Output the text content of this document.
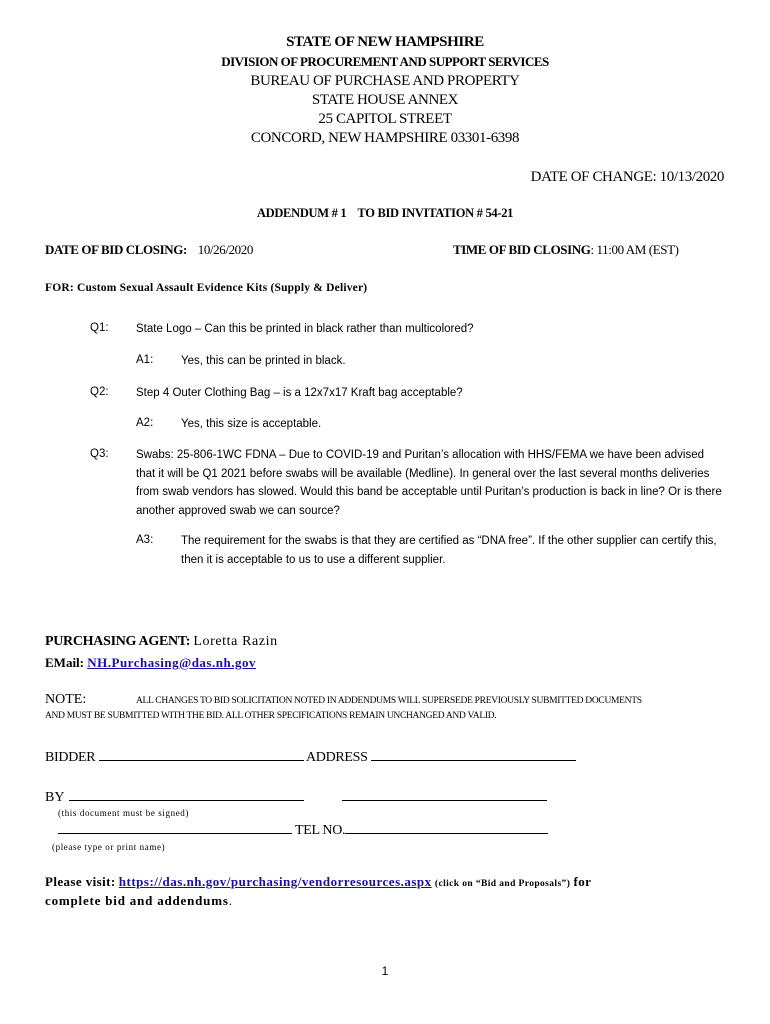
STATE OF NEW HAMPSHIRE
DIVISION OF PROCUREMENT AND SUPPORT SERVICES
BUREAU OF PURCHASE AND PROPERTY
STATE HOUSE ANNEX
25 CAPITOL STREET
CONCORD, NEW HAMPSHIRE 03301-6398
DATE OF CHANGE: 10/13/2020
ADDENDUM # 1    TO BID INVITATION # 54-21
DATE OF BID CLOSING: 10/26/2020	TIME OF BID CLOSING: 11:00 AM (EST)
FOR: Custom Sexual Assault Evidence Kits (Supply & Deliver)
Q1: State Logo – Can this be printed in black rather than multicolored?
A1: Yes, this can be printed in black.
Q2: Step 4 Outer Clothing Bag – is a 12x7x17 Kraft bag acceptable?
A2: Yes, this size is acceptable.
Q3: Swabs: 25-806-1WC FDNA – Due to COVID-19 and Puritan’s allocation with HHS/FEMA we have been advised that it will be Q1 2021 before swabs will be available (Medline). In general over the last several months deliveries from swab vendors has slowed. Would this band be acceptable until Puritan’s production is back in line? Or is there another approved swab we can source?
A3: The requirement for the swabs is that they are certified as “DNA free”. If the other supplier can certify this, then it is acceptable to us to use a different supplier.
PURCHASING AGENT: Loretta Razin
EMail: NH.Purchasing@das.nh.gov
NOTE:	ALL CHANGES TO BID SOLICITATION NOTED IN ADDENDUMS WILL SUPERSEDE PREVIOUSLY SUBMITTED DOCUMENTS
AND MUST BE SUBMITTED WITH THE BID. ALL OTHER SPECIFICATIONS REMAIN UNCHANGED AND VALID.
BIDDER	ADDRESS
BY
(this document must be signed)
TEL NO.
(please type or print name)
Please visit: https://das.nh.gov/purchasing/vendorresources.aspx (click on “Bid and Proposals”) for
complete bid and addendums.
1
